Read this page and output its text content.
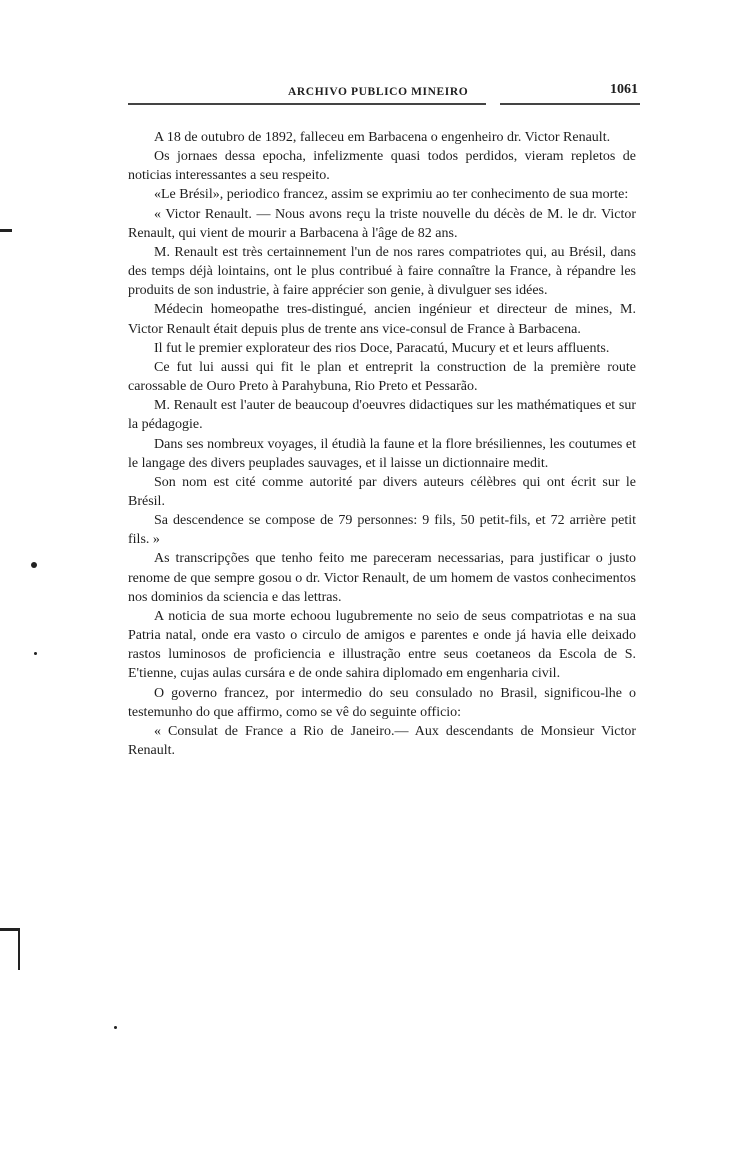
ARCHIVO PUBLICO MINEIRO	1061

A 18 de outubro de 1892, falleceu em Barbacena o engenheiro dr. Victor Renault.

Os jornaes dessa epocha, infelizmente quasi todos perdidos, vieram repletos de noticias interessantes a seu respeito.

«Le Brésil», periodico francez, assim se exprimiu ao ter conhecimento de sua morte:

« Victor Renault. — Nous avons reçu la triste nouvelle du décès de M. le dr. Victor Renault, qui vient de mourir a Barbacena à l'âge de 82 ans.

M. Renault est très certainnement l'un de nos rares compatriotes qui, au Brésil, dans des temps déjà lointains, ont le plus contribué à faire connaître la France, à répandre les produits de son industrie, à faire apprécier son genie, à divulguer ses idées.

Médecin homeopathe tres-distingué, ancien ingénieur et directeur de mines, M. Victor Renault était depuis plus de trente ans vice-consul de France à Barbacena.

Il fut le premier explorateur des rios Doce, Paracatú, Mucury et et leurs affluents.

Ce fut lui aussi qui fit le plan et entreprit la construction de la première route carossable de Ouro Preto à Parahybuna, Rio Preto et Pessarão.

M. Renault est l'auter de beaucoup d'oeuvres didactiques sur les mathématiques et sur la pédagogie.

Dans ses nombreux voyages, il étudià la faune et la flore brésiliennes, les coutumes et le langage des divers peuplades sauvages, et il laisse un dictionnaire medit.

Son nom est cité comme autorité par divers auteurs célèbres qui ont écrit sur le Brésil.

Sa descendence se compose de 79 personnes: 9 fils, 50 petit-fils, et 72 arrière petit fils. »

As transcripções que tenho feito me pareceram necessarias, para justificar o justo renome de que sempre gosou o dr. Victor Renault, de um homem de vastos conhecimentos nos dominios da sciencia e das lettras.

A noticia de sua morte echoou lugubremente no seio de seus compatriotas e na sua Patria natal, onde era vasto o circulo de amigos e parentes e onde já havia elle deixado rastos luminosos de proficiencia e illustração entre seus coetaneos da Escola de S. E'tienne, cujas aulas cursára e de onde sahira diplomado em engenharia civil.

O governo francez, por intermedio do seu consulado no Brasil, significou-lhe o testemunho do que affirmo, como se vê do seguinte officio:

« Consulat de France a Rio de Janeiro.— Aux descendants de Monsieur Victor Renault.
